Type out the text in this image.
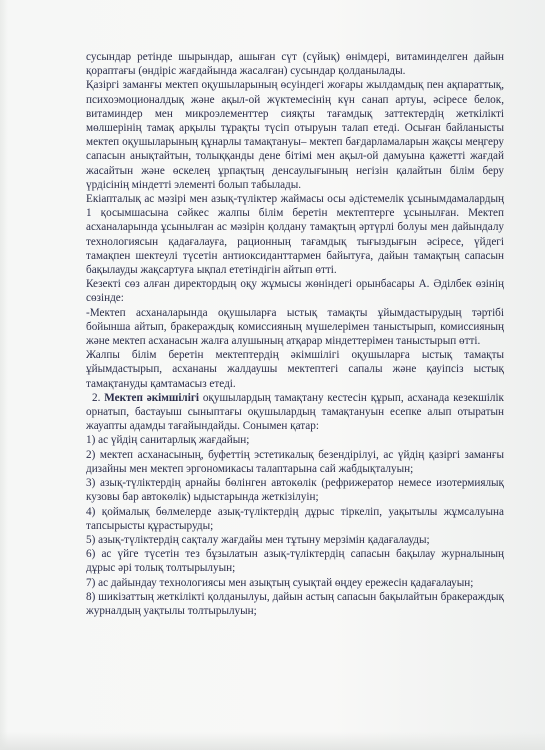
сусындар ретінде шырындар, ашыған сүт (сүйық) өнімдері, витаминделген дайын қораптағы (өндіріс жағдайында жасалған) сусындар қолданылады.

Қазіргі заманғы мектеп оқушыларының өсуіндегі жоғары жылдамдық пен ақпараттық, психоэмоционалдық және ақыл-ой жүктемесінің күн санап артуы, әсіресе белок, витаминдер мен микроэлементтер сияқты тағамдық заттектердің жеткіліктi мөлшерінің тамақ арқылы тұрақты түсіп отыруын талап етеді. Осыған байланысты мектеп оқушыларының құнарлы тамақтануы– мектеп бағдарламаларын жақсы меңгеру сапасын анықтайтын, толыққанды дене бітімі мен ақыл-ой дамуына қажетті жағдай жасайтын және өскелең ұрпақтың денсаулығының негізін қалайтын білім беру үрдісінің міндетті элементі болып табылады.

Екіапталық ас мәзірі мен азық-түліктер жаймасы осы әдістемелік ұсынымдамалардың 1 қосымшасына сәйкес жалпы білім беретін мектептерге ұсынылған. Мектеп асханаларында ұсынылған ас мәзірін қолдану тамақтың әртүрлі болуы мен дайындалу технологиясын қадағалауға, рационның тағамдық тығыздығын әсіресе, үйдегі тамақпен шектеулі түсетін антиоксиданттармен байытуға, дайын тамақтың сапасын бақылауды жақсартуға ықпал ететіндігін айтып өтті.

Кезекті сөз алған директордың оқу жұмысы жөніндегі орынбасары А. Әділбек өзінің сөзінде:

-Мектеп асханаларында оқушыларға ыстық тамақты ұйымдастырудың тәртібі бойынша айтып, бракераждық комиссияның мүшелерімен таныстырып, комиссияның және мектеп асханасын жалға алушының атқарар міндеттерімен таныстырып өтті.

Жалпы білім беретін мектептердің әкімшілігі оқушыларға ыстық тамақты ұйымдастырып, асхананы жалдаушы мектептегі сапалы және қауіпсіз ыстық тамақтануды қамтамасыз етеді.

2. Мектеп әкімшілігі оқушылардың тамақтану кестесін құрып, асханада кезекшілік орнатып, бастауыш сыныптағы оқушылардың тамақтануын есепке алып отыратын жауапты адамды тағайындайды. Сонымен қатар:

1) ас үйдің санитарлық жағдайын;

2) мектеп асханасының, буфеттің эстетикалық безендірілуі, ас үйдің қазіргі заманғы дизайны мен мектеп эргономикасы талаптарына сай жабдықталуын;

3) азық-түліктердің арнайы бөлінген автокөлік (рефрижератор немесе изотермиялық кузовы бар автокөлік) ыдыстарында жеткізілуін;

4) қоймалық бөлмелерде азық-түліктердің дұрыс тіркеліп, уақытылы жұмсалуына тапсырысты құрастыруды;

5) азық-түліктердің сақталу жағдайы мен тұтыну мерзімін қадағалауды;

6) ас үйге түсетін тез бұзылатын азық-түліктердің сапасын бақылау журналының дұрыс әрі толық толтырылуын;

7) ас дайындау технологиясы мен азықтың суықтай өңдеу ережесін қадағалауын;

8) шикізаттың жеткілікті қолданылуы, дайын астың сапасын бақылайтын бракераждық журналдың уақтылы толтырылуын;
